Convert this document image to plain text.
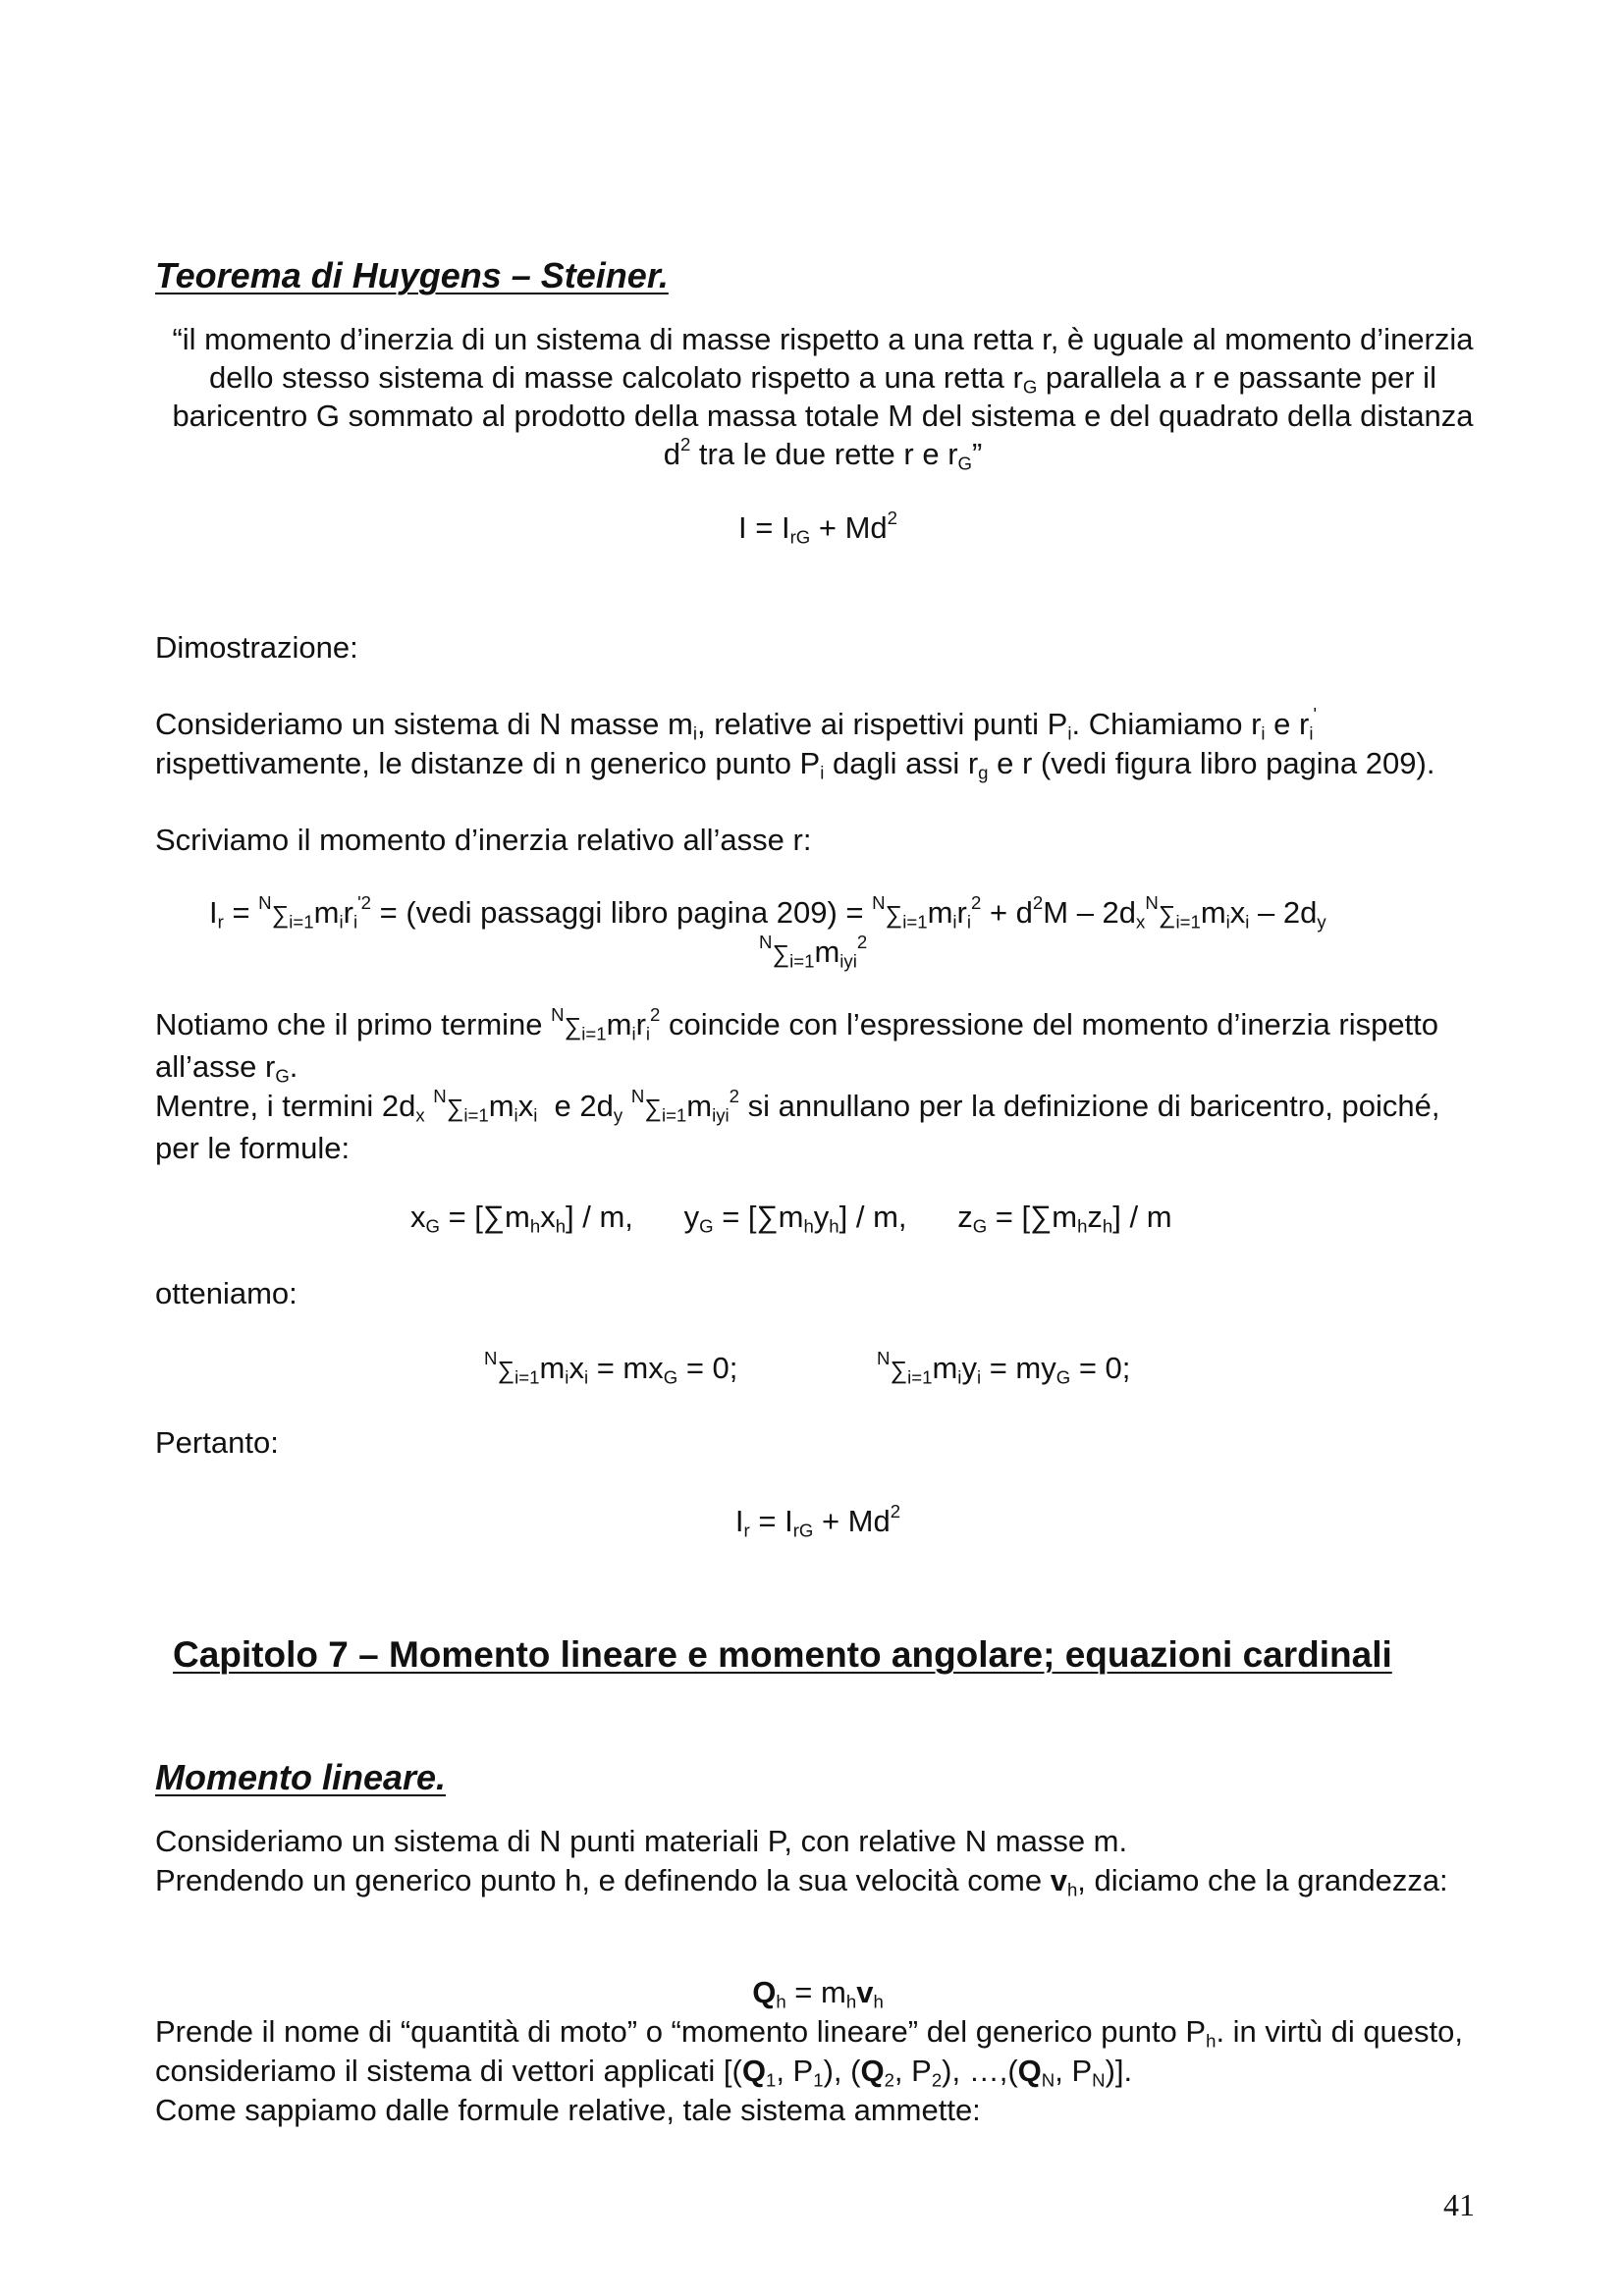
Teorema di Huygens – Steiner.

“il momento d’inerzia di un sistema di masse rispetto a una retta r, è uguale al momento d’inerzia dello stesso sistema di masse calcolato rispetto a una retta $r_G$ parallela a r e passante per il baricentro G sommato al prodotto della massa totale M del sistema e del quadrato della distanza $d^2$ tra le due rette r e $r_G$”

$I = I_{rG} + Md^2$

Dimostrazione:

Consideriamo un sistema di N masse $m_i$, relative ai rispettivi punti $P_i$. Chiamiamo $r_i$ e $r_i'$ rispettivamente, le distanze di n generico punto $P_i$ dagli assi $r_g$ e r (vedi figura libro pagina 209).

Scriviamo il momento d’inerzia relativo all’asse r:

$I_r = ^N\sum_{i=1}m_ir_i^{'2}$ = (vedi passaggi libro pagina $209) = ^N\sum_{i=1}m_ir_i^2 + d^2M - 2d_x^N\sum_{i=1}m_ix_i - 2d_y$

$^N\sum_{i=1}m_{iyi}^2$

Notiamo che il primo termine $^N\sum_{i=1}m_ir_i^2$ coincide con l’espressione del momento d’inerzia rispetto all’asse $r_G$.
Mentre, i termini $2d_x$ $^N\sum_{i=1}m_ix_i$  e $2d_y$ $^N\sum_{i=1}m_{iyi}^2$ si annullano per la definizione di baricentro, poiché, per le formule:

$x_G = [\sum m_hx_h] / m$,      $y_G = [\sum m_hy_h] / m$,      $z_G = [\sum m_hz_h] / m$

otteniamo:

$^N\sum_{i=1}m_ix_i = mx_G = 0$;	$^N\sum_{i=1}m_iy_i = my_G = 0$;

Pertanto:

$I_r = I_{rG} + Md^2$

Capitolo 7 – Momento lineare e momento angolare; equazioni cardinali
Momento lineare.

Consideriamo un sistema di N punti materiali P, con relative N masse m.

Prendendo un generico punto h, e definendo la sua velocità come $v_h$, diciamo che la grandezza:

$Q_h = m_hv_h$

Prende il nome di “quantità di moto” o “momento lineare” del generico punto $P_h$. in virtù di questo, consideriamo il sistema di vettori applicati [($Q_1$, $P_1$), ($Q_2$, $P_2$), $\dots,(Q_N$, $P_N$)].

Come sappiamo dalle formule relative, tale sistema ammette:

41
